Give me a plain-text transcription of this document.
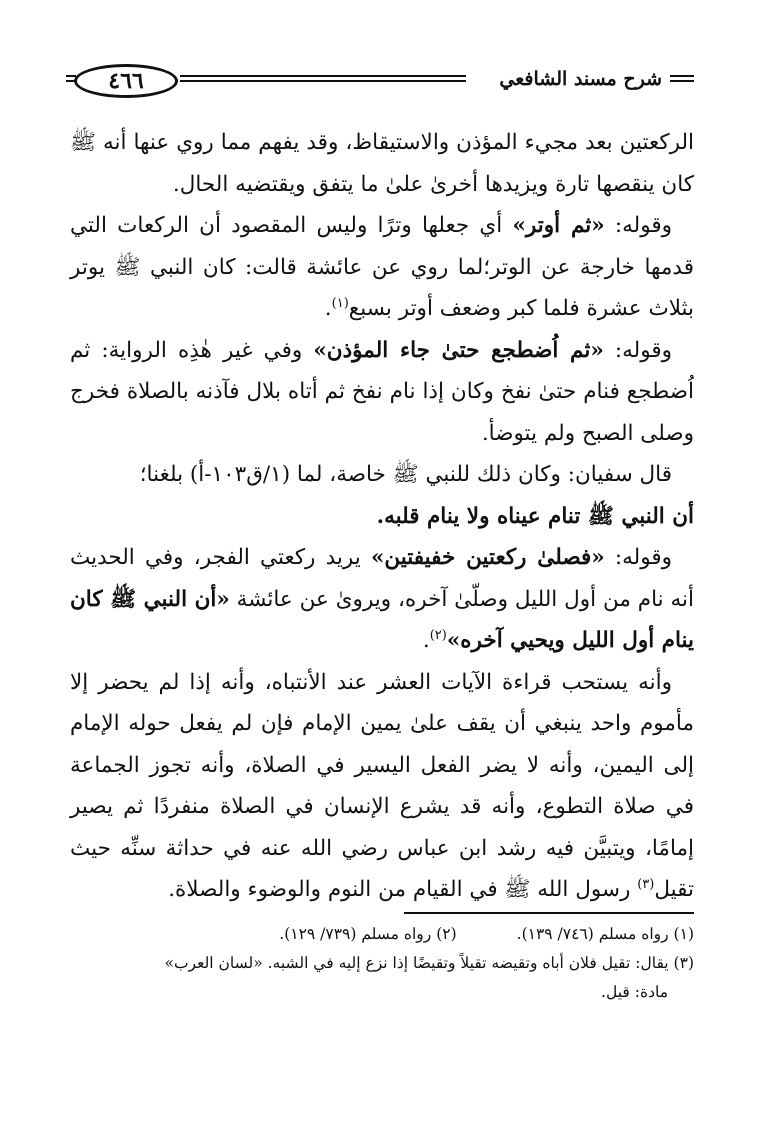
شرح مسند الشافعي
٤٦٦

الركعتين بعد مجيء المؤذن والاستيقاظ، وقد يفهم مما روي عنها أنه ﷺ كان ينقصها تارة ويزيدها أخرىٰ علىٰ ما يتفق ويقتضيه الحال.

وقوله: «ثم أوتر» أي جعلها وترًا وليس المقصود أن الركعات التي قدمها خارجة عن الوتر؛لما روي عن عائشة قالت: كان النبي ﷺ يوتر بثلاث عشرة فلما كبر وضعف أوتر بسبع$^{(١)}$.

وقوله: «ثم اُضطجع حتىٰ جاء المؤذن» وفي غير هٰذِه الرواية: ثم اُضطجع فنام حتىٰ نفخ وكان إذا نام نفخ ثم أتاه بلال فآذنه بالصلاة فخرج وصلى الصبح ولم يتوضأ.

قال سفيان: وكان ذلك للنبي ﷺ خاصة، لما (١/ق١٠٣-أ) بلغنا؛

أن النبي ﷺ تنام عيناه ولا ينام قلبه.

وقوله: «فصلىٰ ركعتين خفيفتين» يريد ركعتي الفجر، وفي الحديث أنه نام من أول الليل وصلّىٰ آخره، ويروىٰ عن عائشة «أن النبي ﷺ كان ينام أول الليل ويحيي آخره»$^{(٢)}$.

وأنه يستحب قراءة الآيات العشر عند الأنتباه، وأنه إذا لم يحضر إلا مأموم واحد ينبغي أن يقف علىٰ يمين الإمام فإن لم يفعل حوله الإمام إلى اليمين، وأنه لا يضر الفعل اليسير في الصلاة، وأنه تجوز الجماعة في صلاة التطوع، وأنه قد يشرع الإنسان في الصلاة منفردًا ثم يصير إمامًا، ويتبيَّن فيه رشد ابن عباس رضي الله عنه في حداثة سنِّه حيث تقيل$^{(٣)}$ رسول الله ﷺ في القيام من النوم والوضوء والصلاة.

(١) رواه مسلم (٧٤٦/ ١٣٩).
(٢) رواه مسلم (٧٣٩/ ١٢٩).
(٣) يقال: تقيل فلان أباه وتقيضه تقيلاً وتقيضًا إذا نزع إليه في الشبه. «لسان العرب»
مادة: قيل.
